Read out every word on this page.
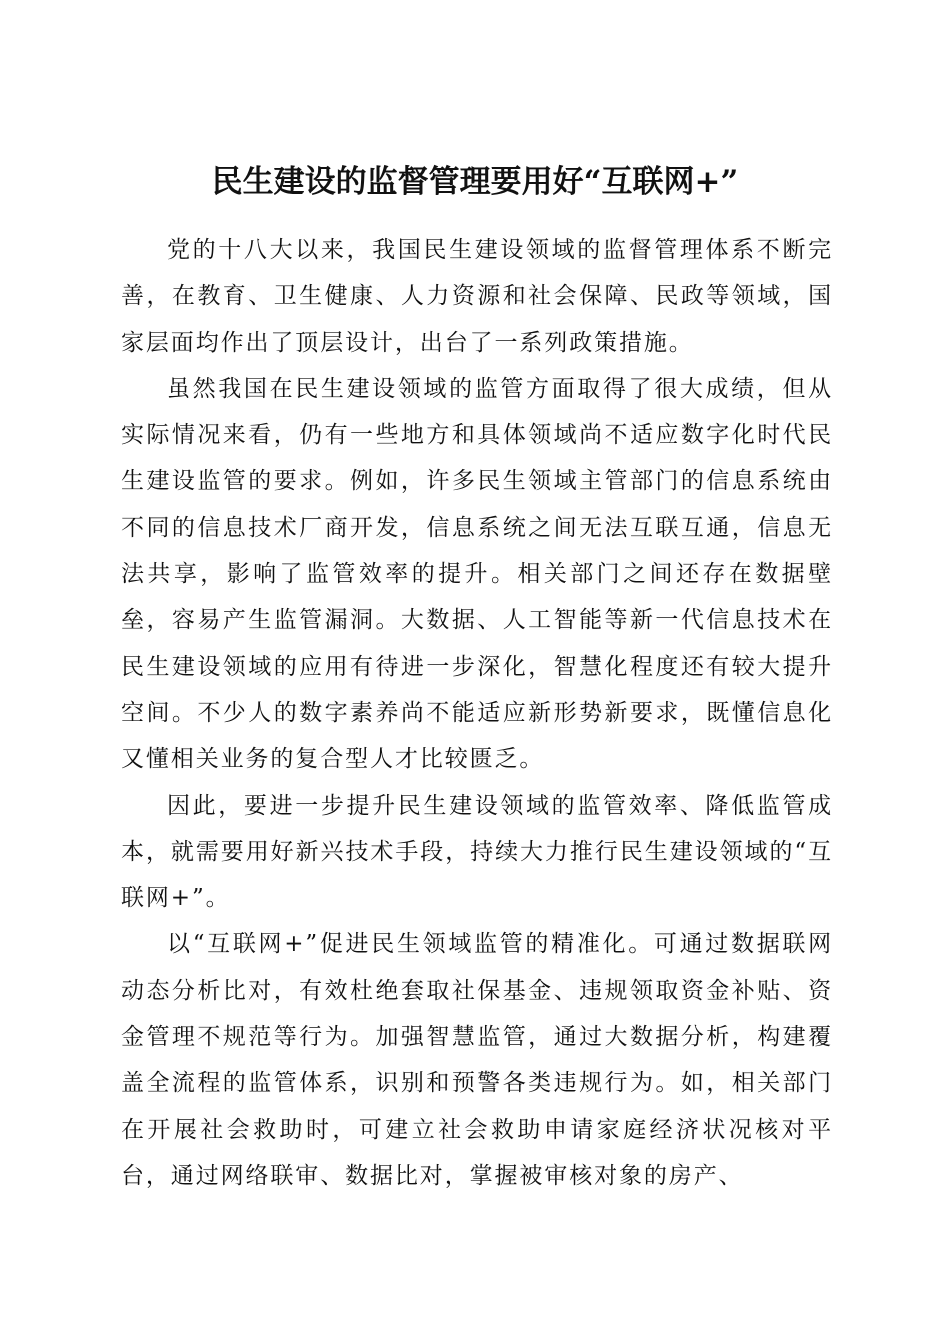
民生建设的监督管理要用好“互联网+”

党的十八大以来，我国民生建设领域的监督管理体系不断完善，在教育、卫生健康、人力资源和社会保障、民政等领域，国家层面均作出了顶层设计，出台了一系列政策措施。

虽然我国在民生建设领域的监管方面取得了很大成绩，但从实际情况来看，仍有一些地方和具体领域尚不适应数字化时代民生建设监管的要求。例如，许多民生领域主管部门的信息系统由不同的信息技术厂商开发，信息系统之间无法互联互通，信息无法共享，影响了监管效率的提升。相关部门之间还存在数据壁垒，容易产生监管漏洞。大数据、人工智能等新一代信息技术在民生建设领域的应用有待进一步深化，智慧化程度还有较大提升空间。不少人的数字素养尚不能适应新形势新要求，既懂信息化又懂相关业务的复合型人才比较匮乏。

因此，要进一步提升民生建设领域的监管效率、降低监管成本，就需要用好新兴技术手段，持续大力推行民生建设领域的“互联网+”。

以“互联网+”促进民生领域监管的精准化。可通过数据联网动态分析比对，有效杜绝套取社保基金、违规领取资金补贴、资金管理不规范等行为。加强智慧监管，通过大数据分析，构建覆盖全流程的监管体系，识别和预警各类违规行为。如，相关部门在开展社会救助时，可建立社会救助申请家庭经济状况核对平台，通过网络联审、数据比对，掌握被审核对象的房产、
